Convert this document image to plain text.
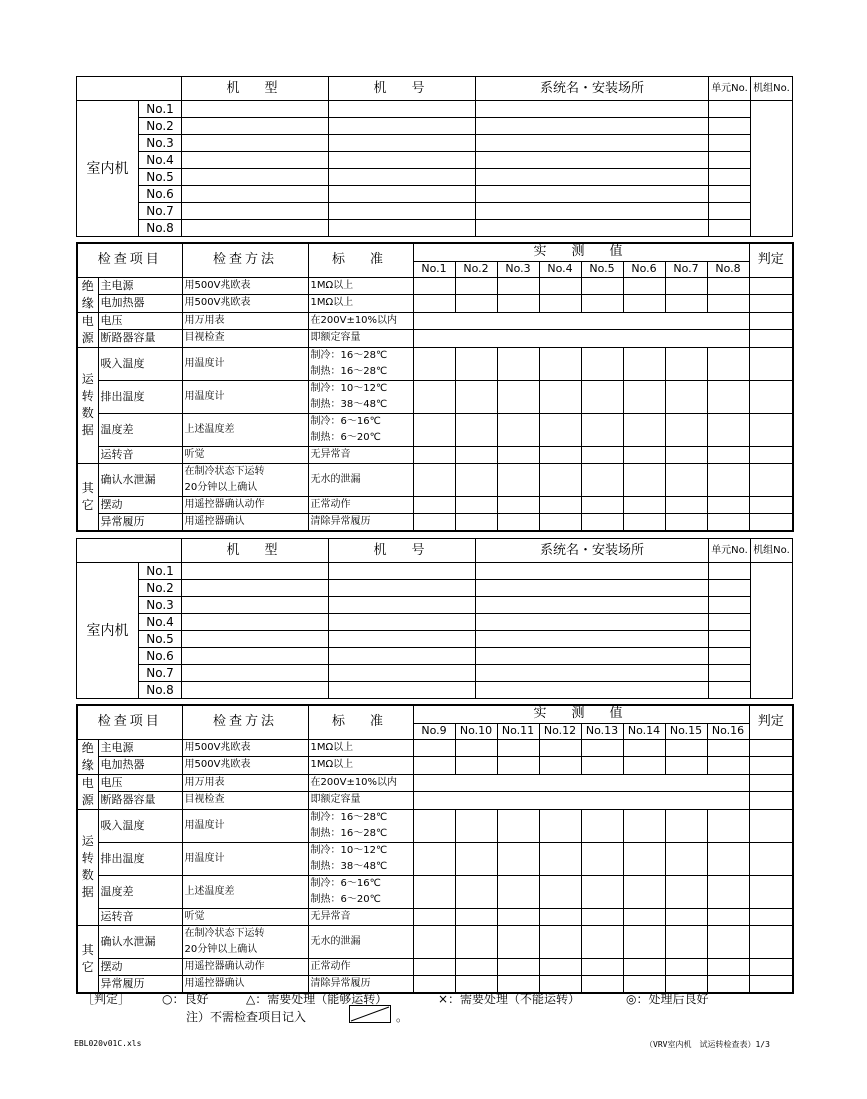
		机　型	机　号	系统名・安装场所	单元No.	机组No.
室内机	No.1					
	No.2					
	No.3					
	No.4					
	No.5					
	No.6					
	No.7					
	No.8					
检查项目		检查方法	标　准	实　测　值								判定
				No.1	No.2	No.3	No.4	No.5	No.6	No.7	No.8	
绝缘	主电源	用500V兆欧表	1MΩ以上									
	电加热器	用500V兆欧表	1MΩ以上									
电源	电压	用万用表	在200V±10%以内									
	断路器容量	目视检查	即额定容量									
运转数据	吸入温度	用温度计	制冷：16～28℃
制热：16～28℃									

	排出温度	用温度计	制冷：10～12℃
制热：38～48℃									

	温度差	上述温度差	制冷：6～16℃
制热：6～20℃									

	运转音	听觉	无异常音									
其它	确认水泄漏	在制冷状态下运转
20分钟以上确认	无水的泄漏									
	摆动	用遥控器确认动作	正常动作									
	异常履历	用遥控器确认	清除异常履历									
		机　型	机　号	系统名・安装场所	单元No.	机组No.
室内机	No.1					
	No.2					
	No.3					
	No.4					
	No.5					
	No.6					
	No.7					
	No.8					
检查项目		检查方法	标　准	实　测　值								判定
				No.9	No.10	No.11	No.12	No.13	No.14	No.15	No.16	
绝缘	主电源	用500V兆欧表	1MΩ以上									
	电加热器	用500V兆欧表	1MΩ以上									
电源	电压	用万用表	在200V±10%以内									
	断路器容量	目视检查	即额定容量									
运转数据	吸入温度	用温度计	制冷：16～28℃
制热：16～28℃									

	排出温度	用温度计	制冷：10～12℃
制热：38～48℃									

	温度差	上述温度差	制冷：6～16℃
制热：6～20℃									

	运转音	听觉	无异常音									
其它	确认水泄漏	在制冷状态下运转
20分钟以上确认	无水的泄漏									
	摆动	用遥控器确认动作	正常动作									
	异常履历	用遥控器确认	清除异常履历									
［判定］	○：良好	△：需要处理（能够运转）	×：需要处理（不能运转）	◎：处理后良好
注）不需检查项目记入	。
EBL020v01C.xls	（VRV室内机　试运转检查表）1/3
